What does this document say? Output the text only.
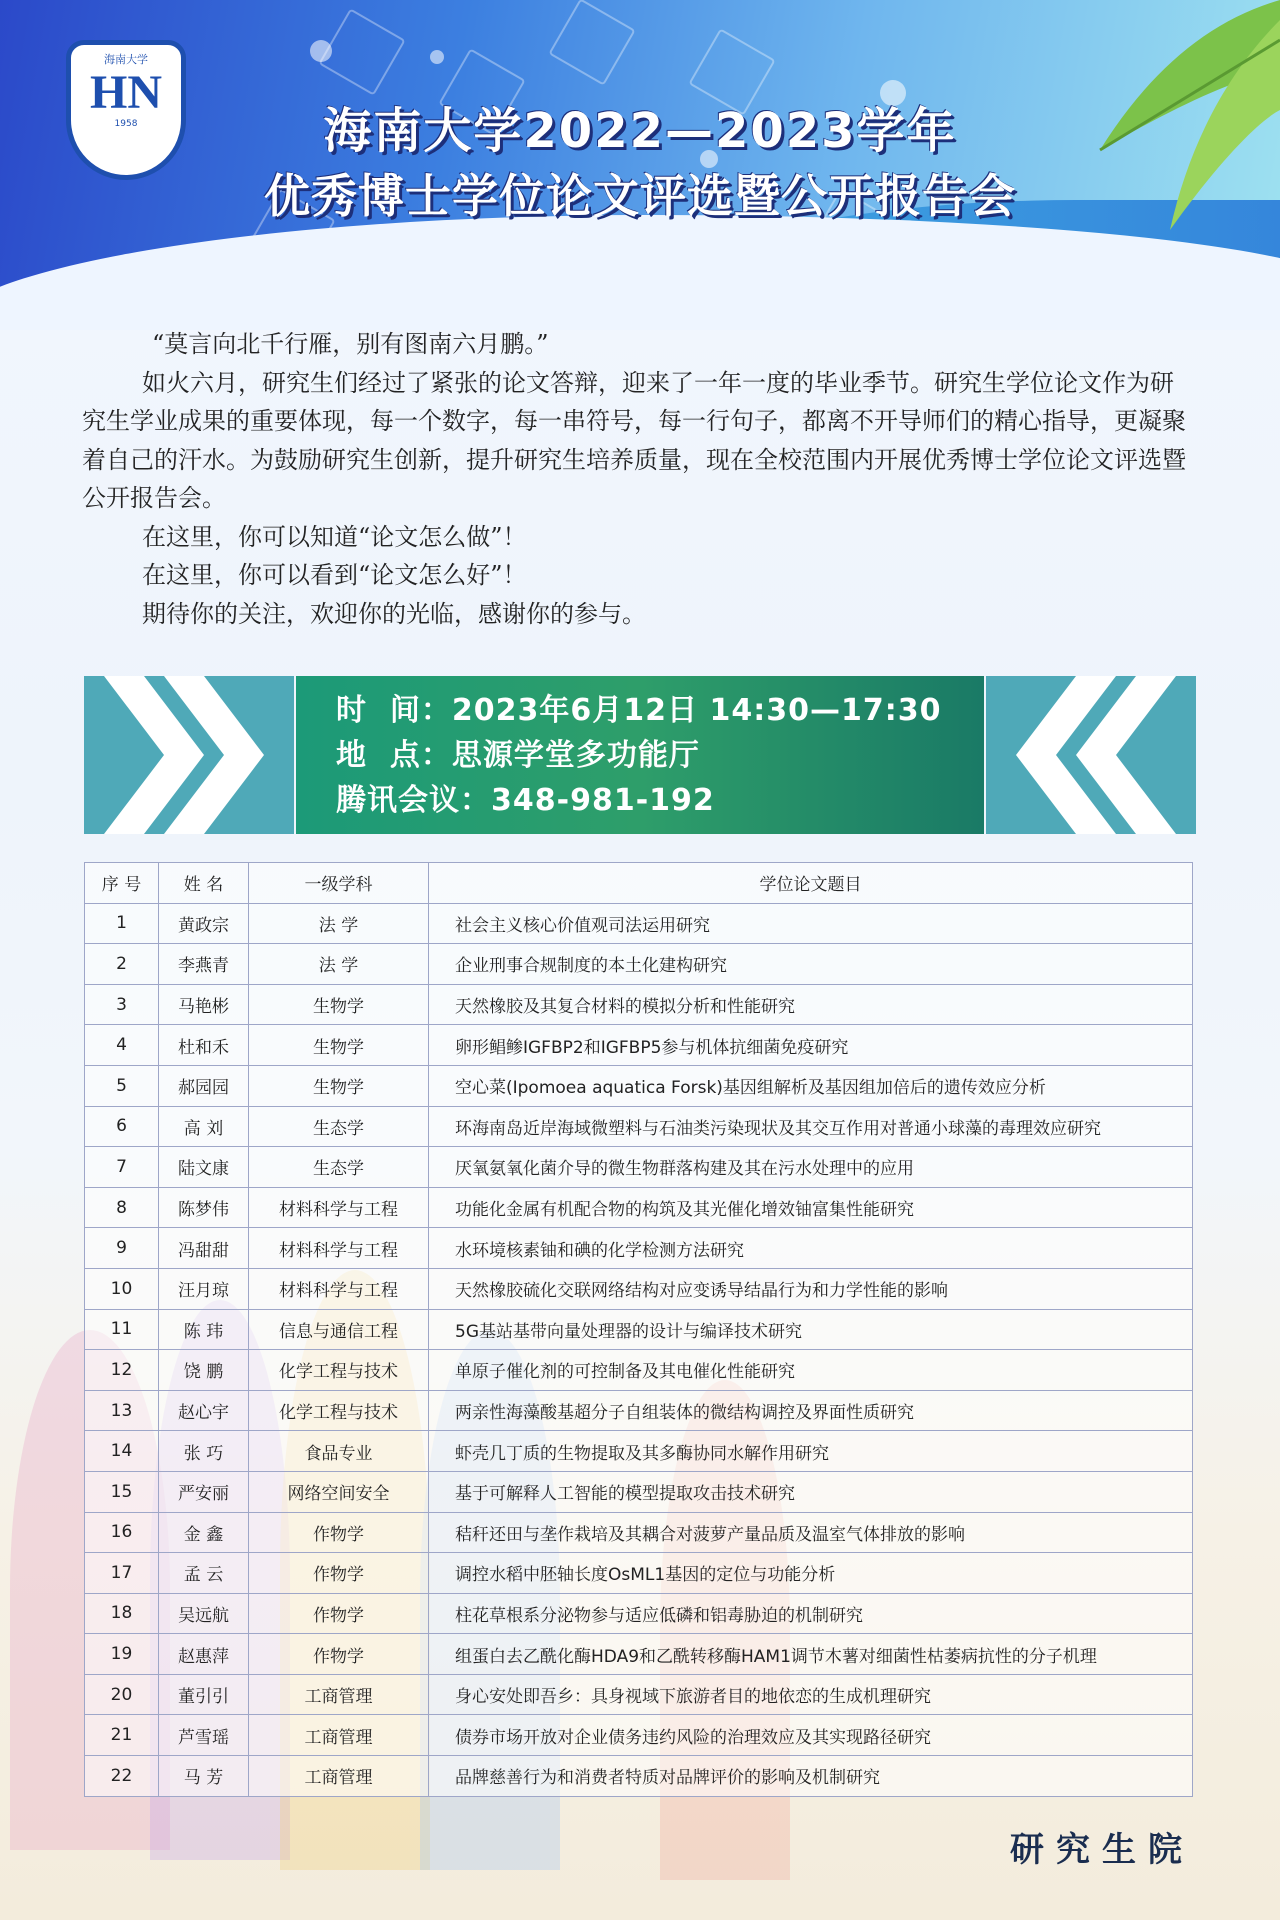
海南大学
HN
1958	海南大学2022—2023学年
优秀博士学位论文评选暨公开报告会

“莫言向北千行雁，别有图南六月鹏。”

如火六月，研究生们经过了紧张的论文答辩，迎来了一年一度的毕业季节。研究生学位论文作为研究生学业成果的重要体现，每一个数字，每一串符号，每一行句子，都离不开导师们的精心指导，更凝聚着自己的汗水。为鼓励研究生创新，提升研究生培养质量，现在全校范围内开展优秀博士学位论文评选暨公开报告会。

在这里，你可以知道“论文怎么做”！

在这里，你可以看到“论文怎么好”！

期待你的关注，欢迎你的光临，感谢你的参与。

时  间：2023年6月12日 14:30—17:30
地  点：思源学堂多功能厅
腾讯会议：348-981-192
序 号	姓 名	一级学科	学位论文题目
1	黄政宗	法 学	社会主义核心价值观司法运用研究
2	李燕青	法 学	企业刑事合规制度的本土化建构研究
3	马艳彬	生物学	天然橡胶及其复合材料的模拟分析和性能研究
4	杜和禾	生物学	卵形鲳鲹IGFBP2和IGFBP5参与机体抗细菌免疫研究
5	郝园园	生物学	空心菜(Ipomoea aquatica Forsk)基因组解析及基因组加倍后的遗传效应分析
6	高 刘	生态学	环海南岛近岸海域微塑料与石油类污染现状及其交互作用对普通小球藻的毒理效应研究
7	陆文康	生态学	厌氧氨氧化菌介导的微生物群落构建及其在污水处理中的应用
8	陈梦伟	材料科学与工程	功能化金属有机配合物的构筑及其光催化增效铀富集性能研究
9	冯甜甜	材料科学与工程	水环境核素铀和碘的化学检测方法研究
10	汪月琼	材料科学与工程	天然橡胶硫化交联网络结构对应变诱导结晶行为和力学性能的影响
11	陈 玮	信息与通信工程	5G基站基带向量处理器的设计与编译技术研究
12	饶 鹏	化学工程与技术	单原子催化剂的可控制备及其电催化性能研究
13	赵心宇	化学工程与技术	两亲性海藻酸基超分子自组装体的微结构调控及界面性质研究
14	张 巧	食品专业	虾壳几丁质的生物提取及其多酶协同水解作用研究
15	严安丽	网络空间安全	基于可解释人工智能的模型提取攻击技术研究
16	金 鑫	作物学	秸秆还田与垄作栽培及其耦合对菠萝产量品质及温室气体排放的影响
17	孟 云	作物学	调控水稻中胚轴长度OsML1基因的定位与功能分析
18	吴远航	作物学	柱花草根系分泌物参与适应低磷和铝毒胁迫的机制研究
19	赵惠萍	作物学	组蛋白去乙酰化酶HDA9和乙酰转移酶HAM1调节木薯对细菌性枯萎病抗性的分子机理
20	董引引	工商管理	身心安处即吾乡：具身视域下旅游者目的地依恋的生成机理研究
21	芦雪瑶	工商管理	债券市场开放对企业债务违约风险的治理效应及其实现路径研究
22	马 芳	工商管理	品牌慈善行为和消费者特质对品牌评价的影响及机制研究
研究生院
